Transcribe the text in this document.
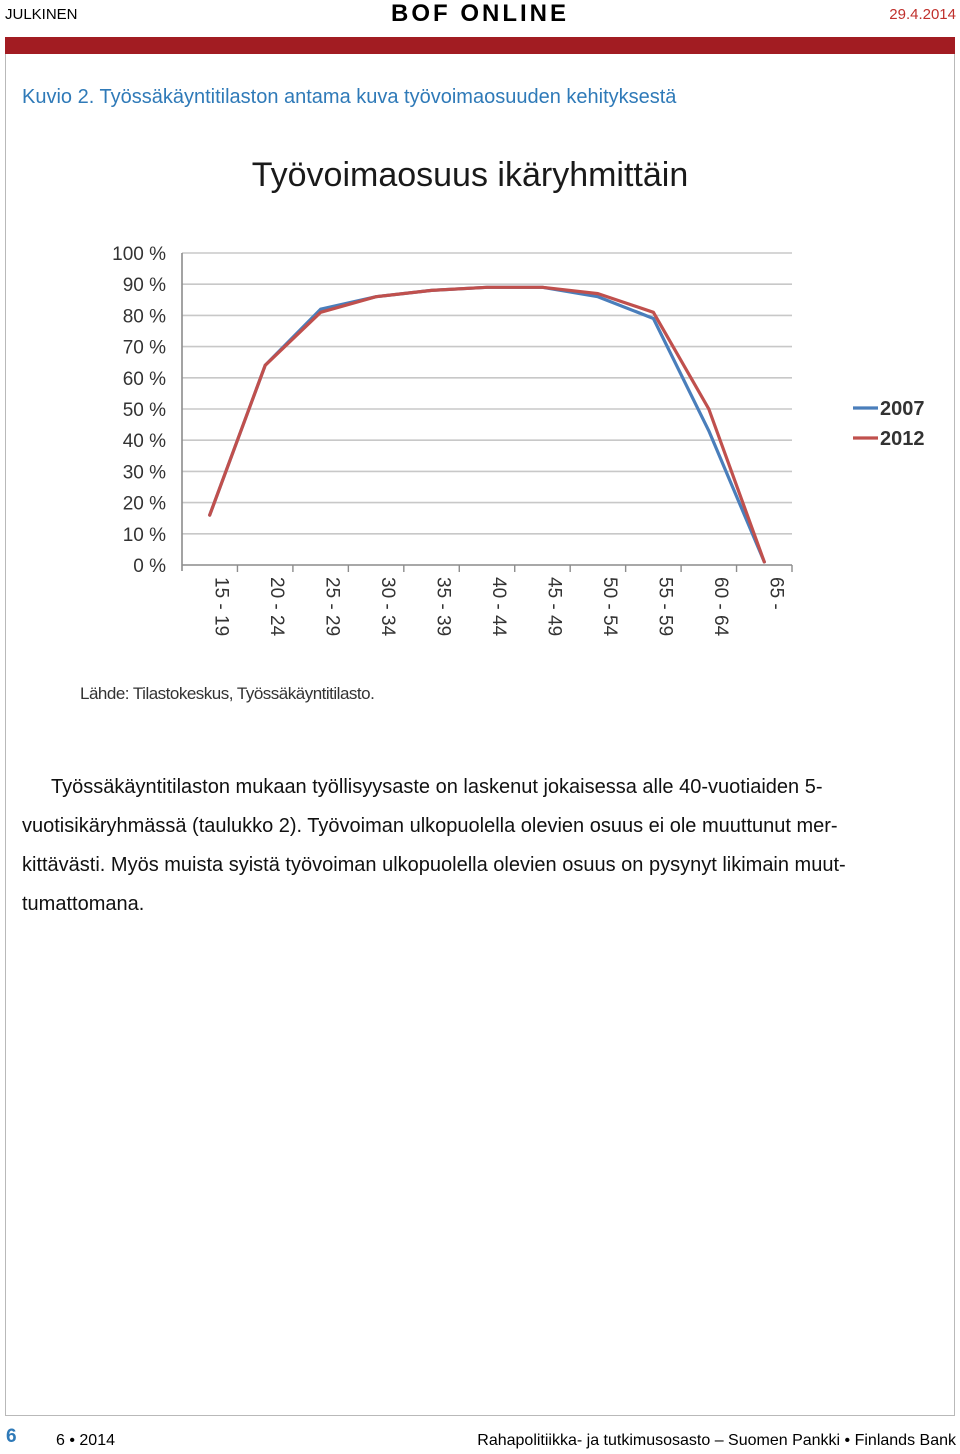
JULKINEN	BOF ONLINE	29.4.2014
Kuvio 2. Työssäkäyntitilaston antama kuva työvoimaosuuden kehityksestä
Työvoimaosuus ikäryhmittäin
0 %
10 %
20 %
30 %
40 %
50 %
60 %
70 %
80 %
90 %
100 %
15 - 19 20 - 24 25 - 29 30 - 34 35 - 39 40 - 44 45 - 49 50 - 54 55 - 59 60 - 64 65 -
2007
2012
Lähde: Tilastokeskus, Työssäkäyntitilasto.

Työssäkäyntitilaston mukaan työllisyysaste on laskenut jokaisessa alle 40-vuotiaiden 5-

vuotisikäryhmässä (taulukko 2). Työvoiman ulkopuolella olevien osuus ei ole muuttunut mer-

kittävästi. Myös muista syistä työvoiman ulkopuolella olevien osuus on pysynyt likimain muut-

tumattomana.

6 6 • 2014	Rahapolitiikka- ja tutkimusosasto – Suomen Pankki • Finlands Bank
